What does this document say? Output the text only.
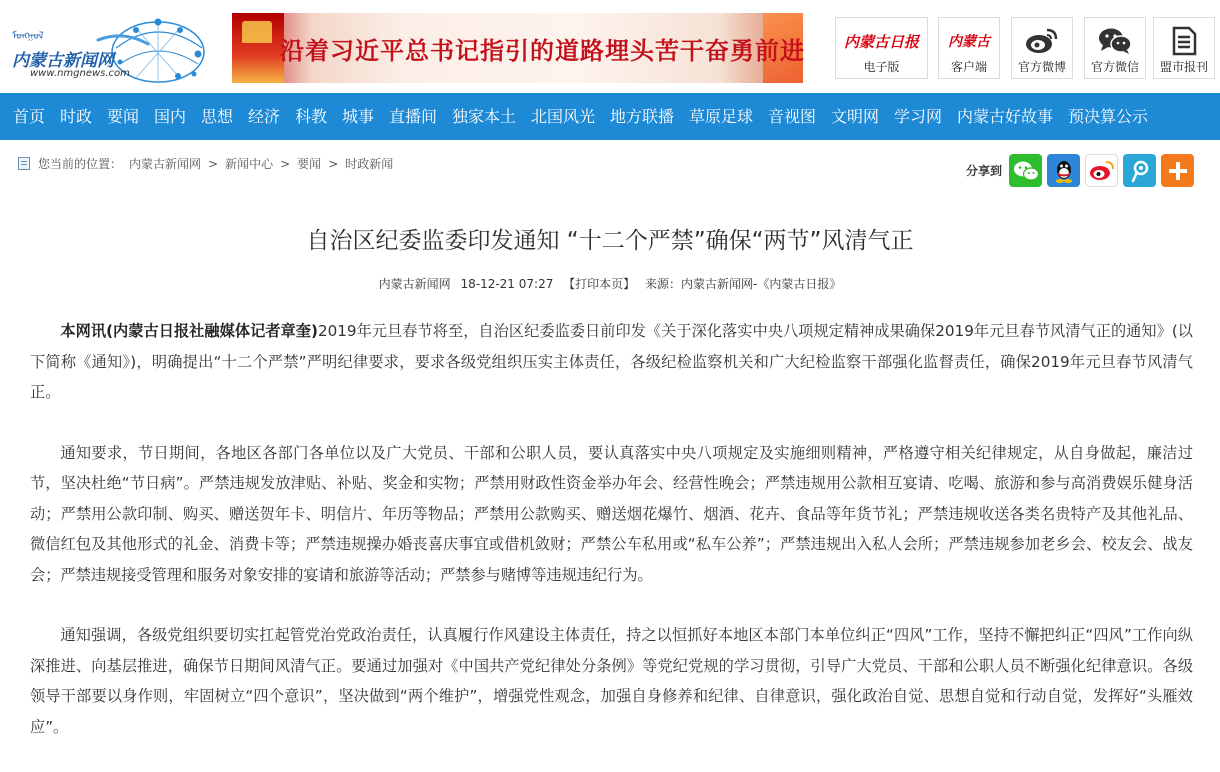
ᠮᠣᠩᠭᠣᠯ
内蒙古新闻网
www.nmgnews.com
沿着习近平总书记指引的道路埋头苦干奋勇前进	内蒙古日报
电子版
内蒙古
客户端	官方微博	官方微信	盟市报刊
首页 时政 要闻 国内 思想 经济 科教 城事 直播间 独家本土 北国风光 地方联播 草原足球 音视图 文明网 学习网 内蒙古好故事 预决算公示
您当前的位置： 内蒙古新闻网 > 新闻中心 > 要闻 > 时政新闻	分享到
自治区纪委监委印发通知 “十二个严禁”确保“两节”风清气正
内蒙古新闻网 18-12-21 07:27 【打印本页】 来源：内蒙古新闻网-《内蒙古日报》

本网讯(内蒙古日报社融媒体记者章奎)2019年元旦春节将至，自治区纪委监委日前印发《关于深化落实中央八项规定精神成果确保2019年元旦春节风清气正的通知》(以下简称《通知》)，明确提出“十二个严禁”严明纪律要求，要求各级党组织压实主体责任，各级纪检监察机关和广大纪检监察干部强化监督责任，确保2019年元旦春节风清气正。

通知要求，节日期间，各地区各部门各单位以及广大党员、干部和公职人员，要认真落实中央八项规定及实施细则精神，严格遵守相关纪律规定，从自身做起，廉洁过节，坚决杜绝“节日病”。严禁违规发放津贴、补贴、奖金和实物；严禁用财政性资金举办年会、经营性晚会；严禁违规用公款相互宴请、吃喝、旅游和参与高消费娱乐健身活动；严禁用公款印制、购买、赠送贺年卡、明信片、年历等物品；严禁用公款购买、赠送烟花爆竹、烟酒、花卉、食品等年货节礼；严禁违规收送各类名贵特产及其他礼品、微信红包及其他形式的礼金、消费卡等；严禁违规操办婚丧喜庆事宜或借机敛财；严禁公车私用或“私车公养”；严禁违规出入私人会所；严禁违规参加老乡会、校友会、战友会；严禁违规接受管理和服务对象安排的宴请和旅游等活动；严禁参与赌博等违规违纪行为。

通知强调，各级党组织要切实扛起管党治党政治责任，认真履行作风建设主体责任，持之以恒抓好本地区本部门本单位纠正“四风”工作，坚持不懈把纠正“四风”工作向纵深推进、向基层推进，确保节日期间风清气正。要通过加强对《中国共产党纪律处分条例》等党纪党规的学习贯彻，引导广大党员、干部和公职人员不断强化纪律意识。各级领导干部要以身作则，牢固树立“四个意识”，坚决做到“两个维护”，增强党性观念，加强自身修养和纪律、自律意识，强化政治自觉、思想自觉和行动自觉，发挥好“头雁效应”。
